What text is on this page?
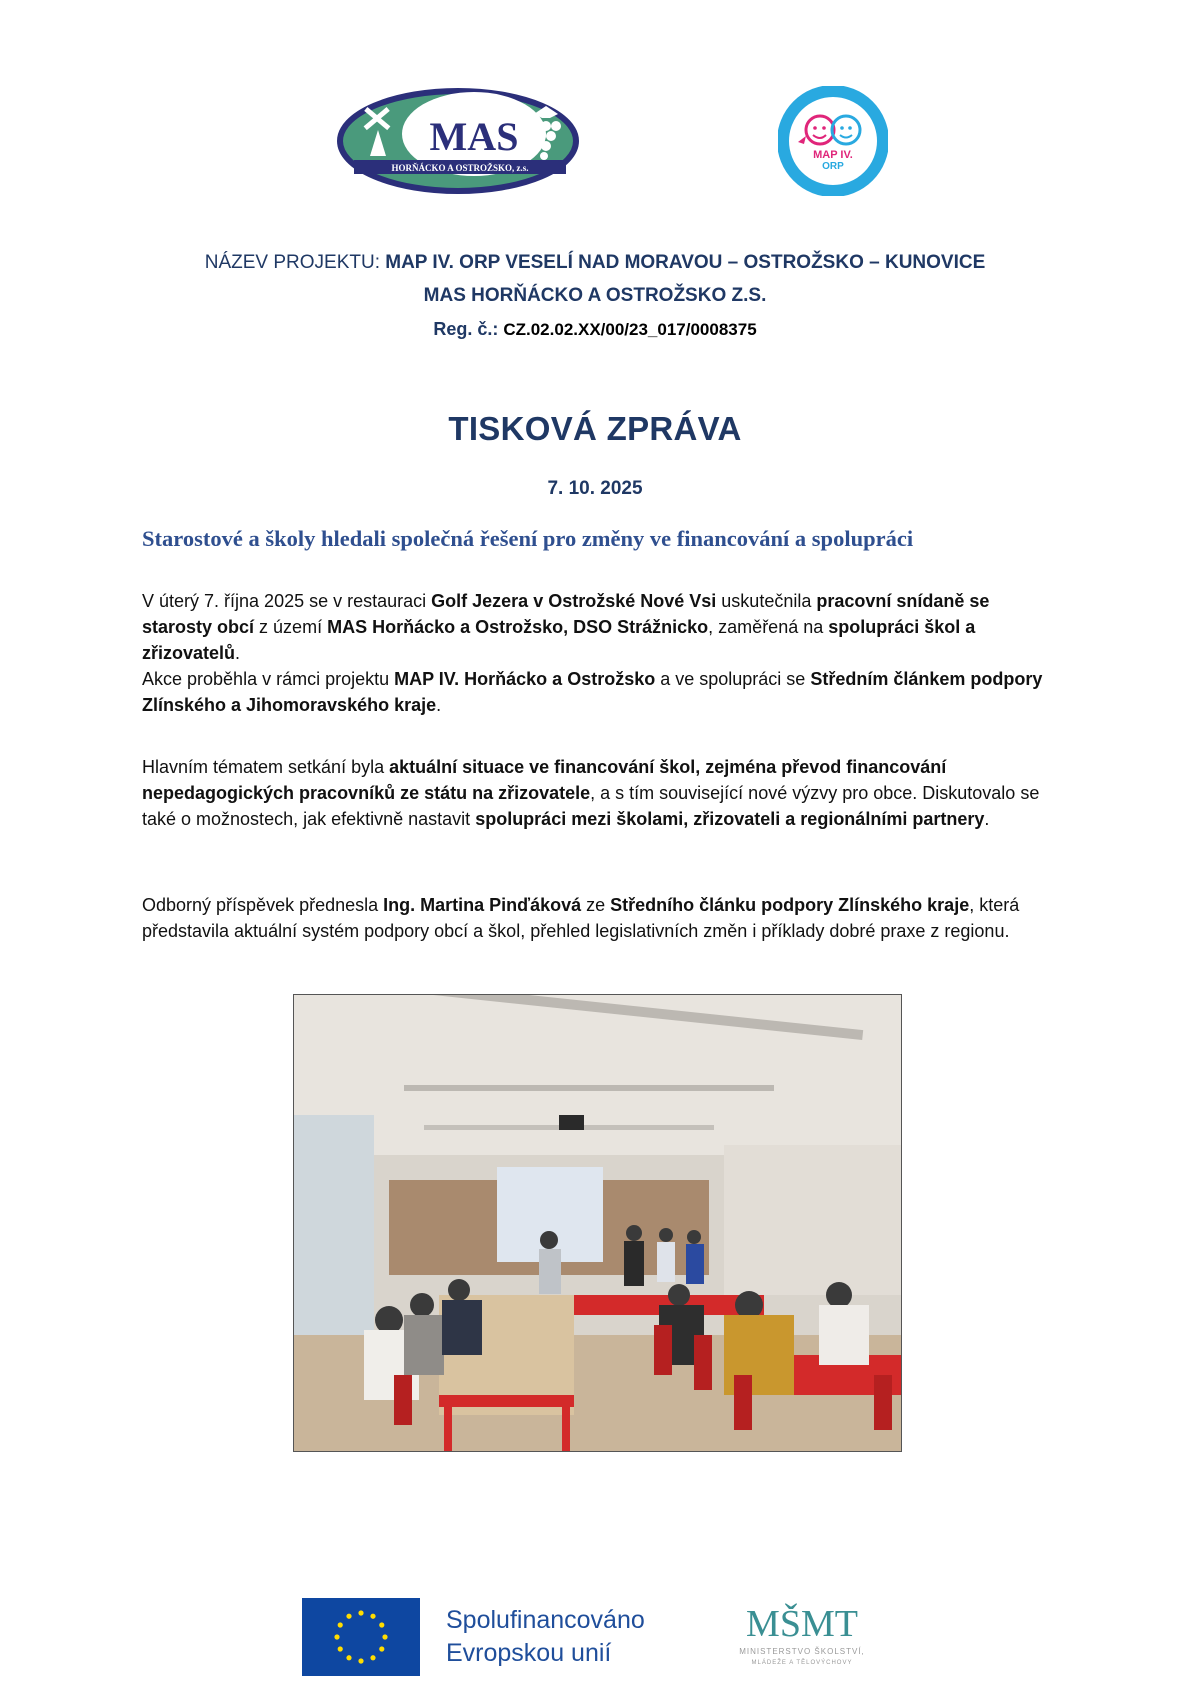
MAS
HORŇÁCKO A OSTROŽSKO, z.s.
MAP IV.
ORP
NÁZEV PROJEKTU: MAP IV. ORP VESELÍ NAD MORAVOU – OSTROŽSKO – KUNOVICE
MAS HORŇÁCKO A OSTROŽSKO Z.S.
Reg. č.: CZ.02.02.XX/00/23_017/0008375
TISKOVÁ ZPRÁVA
7. 10. 2025
Starostové a školy hledali společná řešení pro změny ve financování a spolupráci
V úterý 7. října 2025 se v restauraci Golf Jezera v Ostrožské Nové Vsi uskutečnila pracovní snídaně se starosty obcí z území MAS Horňácko a Ostrožsko, DSO Strážnicko, zaměřená na spolupráci škol a zřizovatelů.
Akce proběhla v rámci projektu MAP IV. Horňácko a Ostrožsko a ve spolupráci se Středním článkem podpory Zlínského a Jihomoravského kraje.
Hlavním tématem setkání byla aktuální situace ve financování škol, zejména převod financování nepedagogických pracovníků ze státu na zřizovatele, a s tím související nové výzvy pro obce. Diskutovalo se také o možnostech, jak efektivně nastavit spolupráci mezi školami, zřizovateli a regionálními partnery.
Odborný příspěvek přednesla Ing. Martina Pinďáková ze Středního článku podpory Zlínského kraje, která představila aktuální systém podpory obcí a škol, přehled legislativních změn i příklady dobré praxe z regionu.
Spolufinancováno
Evropskou unií
MŠMT
MINISTERSTVO ŠKOLSTVÍ,
MLÁDEŽE A TĚLOVÝCHOVY
